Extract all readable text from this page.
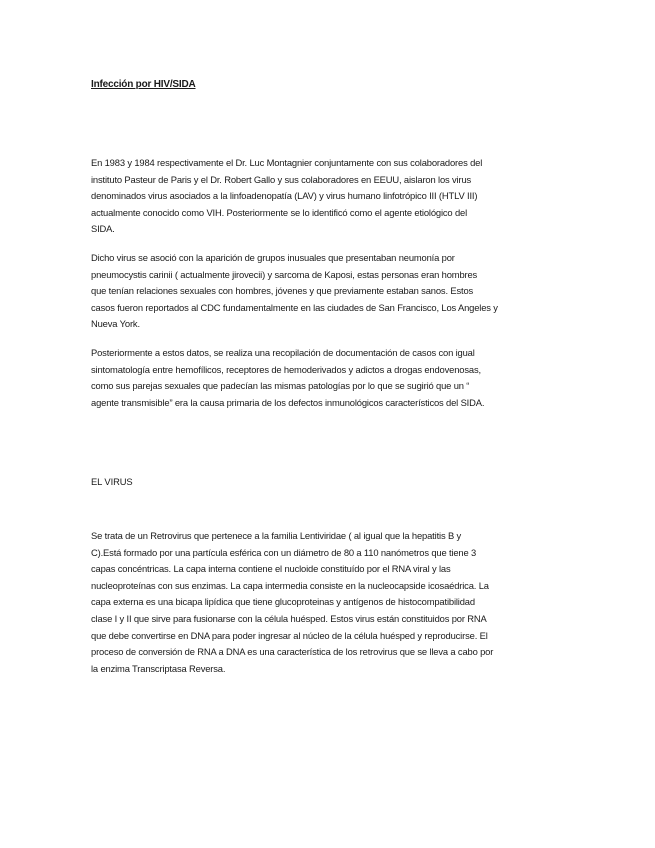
Infección por HIV/SIDA

En 1983 y 1984 respectivamente el Dr. Luc Montagnier conjuntamente con sus colaboradores del
instituto Pasteur de Paris y el Dr. Robert Gallo y sus colaboradores en EEUU, aislaron los virus
denominados virus asociados a la linfoadenopatía (LAV) y virus humano linfotrópico III (HTLV III)
actualmente conocido como VIH. Posteriormente se lo identificó como el agente etiológico del
SIDA.

Dicho virus se asoció con la aparición de grupos inusuales que presentaban neumonía por
pneumocystis carinii ( actualmente jirovecii) y sarcoma de Kaposi, estas personas eran hombres
que tenían relaciones sexuales con hombres, jóvenes y que previamente estaban sanos. Estos
casos fueron reportados al CDC fundamentalmente en las ciudades de San Francisco, Los Angeles y
Nueva York.

Posteriormente a estos datos, se realiza una recopilación de documentación de casos con igual
sintomatología entre hemofílicos, receptores de hemoderivados y adictos a drogas endovenosas,
como sus parejas sexuales que padecían las mismas patologías por lo que se sugirió que un “
agente transmisible” era la causa primaria de los defectos inmunológicos característicos del SIDA.

EL VIRUS

Se trata de un Retrovirus que pertenece a la familia Lentiviridae ( al igual que la hepatitis B y
C).Está formado por una partícula esférica con un diámetro de 80 a 110 nanómetros que tiene 3
capas concéntricas. La capa interna contiene el nucloide constituído por el RNA viral y las
nucleoproteínas con sus enzimas. La capa intermedia consiste en la nucleocapside icosaédrica. La
capa externa es una bicapa lipídica que tiene glucoproteinas y antígenos de histocompatibilidad
clase I y II que sirve para fusionarse con la célula huésped. Estos virus están constituidos por RNA
que debe convertirse en DNA para poder ingresar al núcleo de la célula huésped y reproducirse. El
proceso de conversión de RNA a DNA es una característica de los retrovirus que se lleva a cabo por
la enzima Transcriptasa Reversa.
